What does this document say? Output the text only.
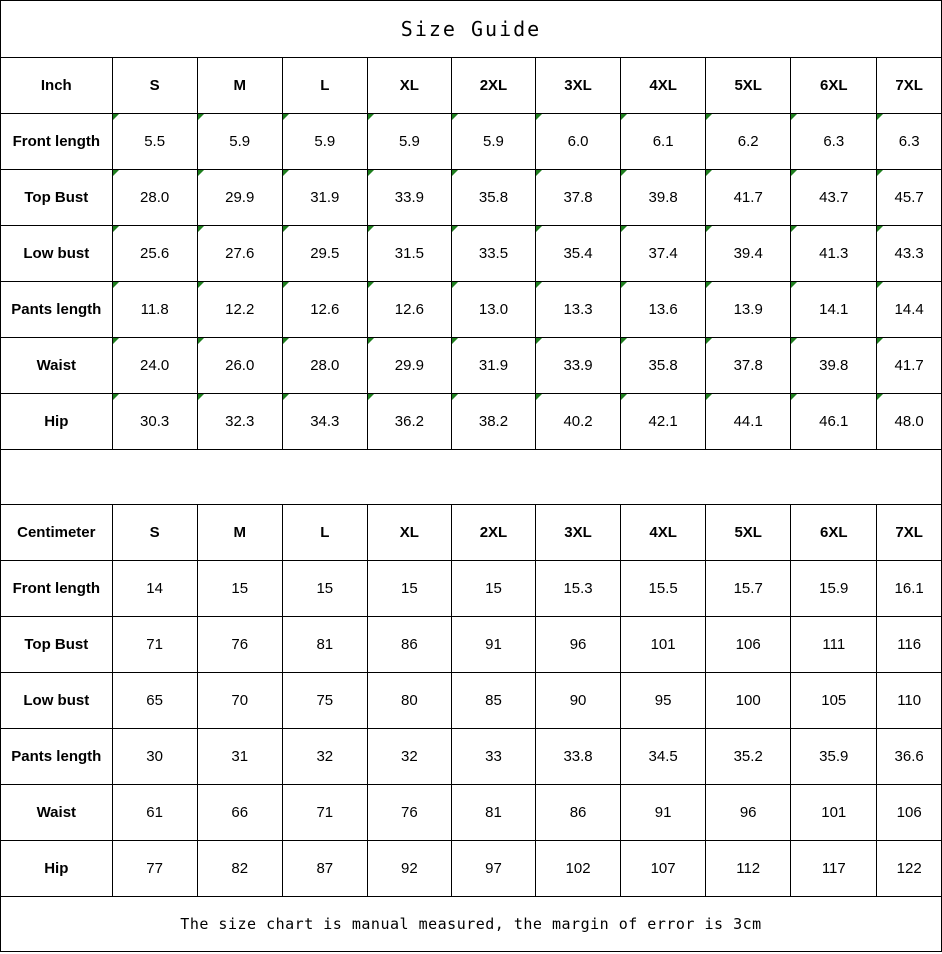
Size Guide
Inch	S	M	L	XL	2XL	3XL	4XL	5XL	6XL	7XL
Front length	5.5	5.9	5.9	5.9	5.9	6.0	6.1	6.2	6.3	6.3
Top Bust	28.0	29.9	31.9	33.9	35.8	37.8	39.8	41.7	43.7	45.7
Low bust	25.6	27.6	29.5	31.5	33.5	35.4	37.4	39.4	41.3	43.3
Pants length	11.8	12.2	12.6	12.6	13.0	13.3	13.6	13.9	14.1	14.4
Waist	24.0	26.0	28.0	29.9	31.9	33.9	35.8	37.8	39.8	41.7
Hip	30.3	32.3	34.3	36.2	38.2	40.2	42.1	44.1	46.1	48.0
Centimeter	S	M	L	XL	2XL	3XL	4XL	5XL	6XL	7XL
Front length	14	15	15	15	15	15.3	15.5	15.7	15.9	16.1
Top Bust	71	76	81	86	91	96	101	106	111	116
Low bust	65	70	75	80	85	90	95	100	105	110
Pants length	30	31	32	32	33	33.8	34.5	35.2	35.9	36.6
Waist	61	66	71	76	81	86	91	96	101	106
Hip	77	82	87	92	97	102	107	112	117	122
The size chart is manual measured, the margin of error is 3cm
